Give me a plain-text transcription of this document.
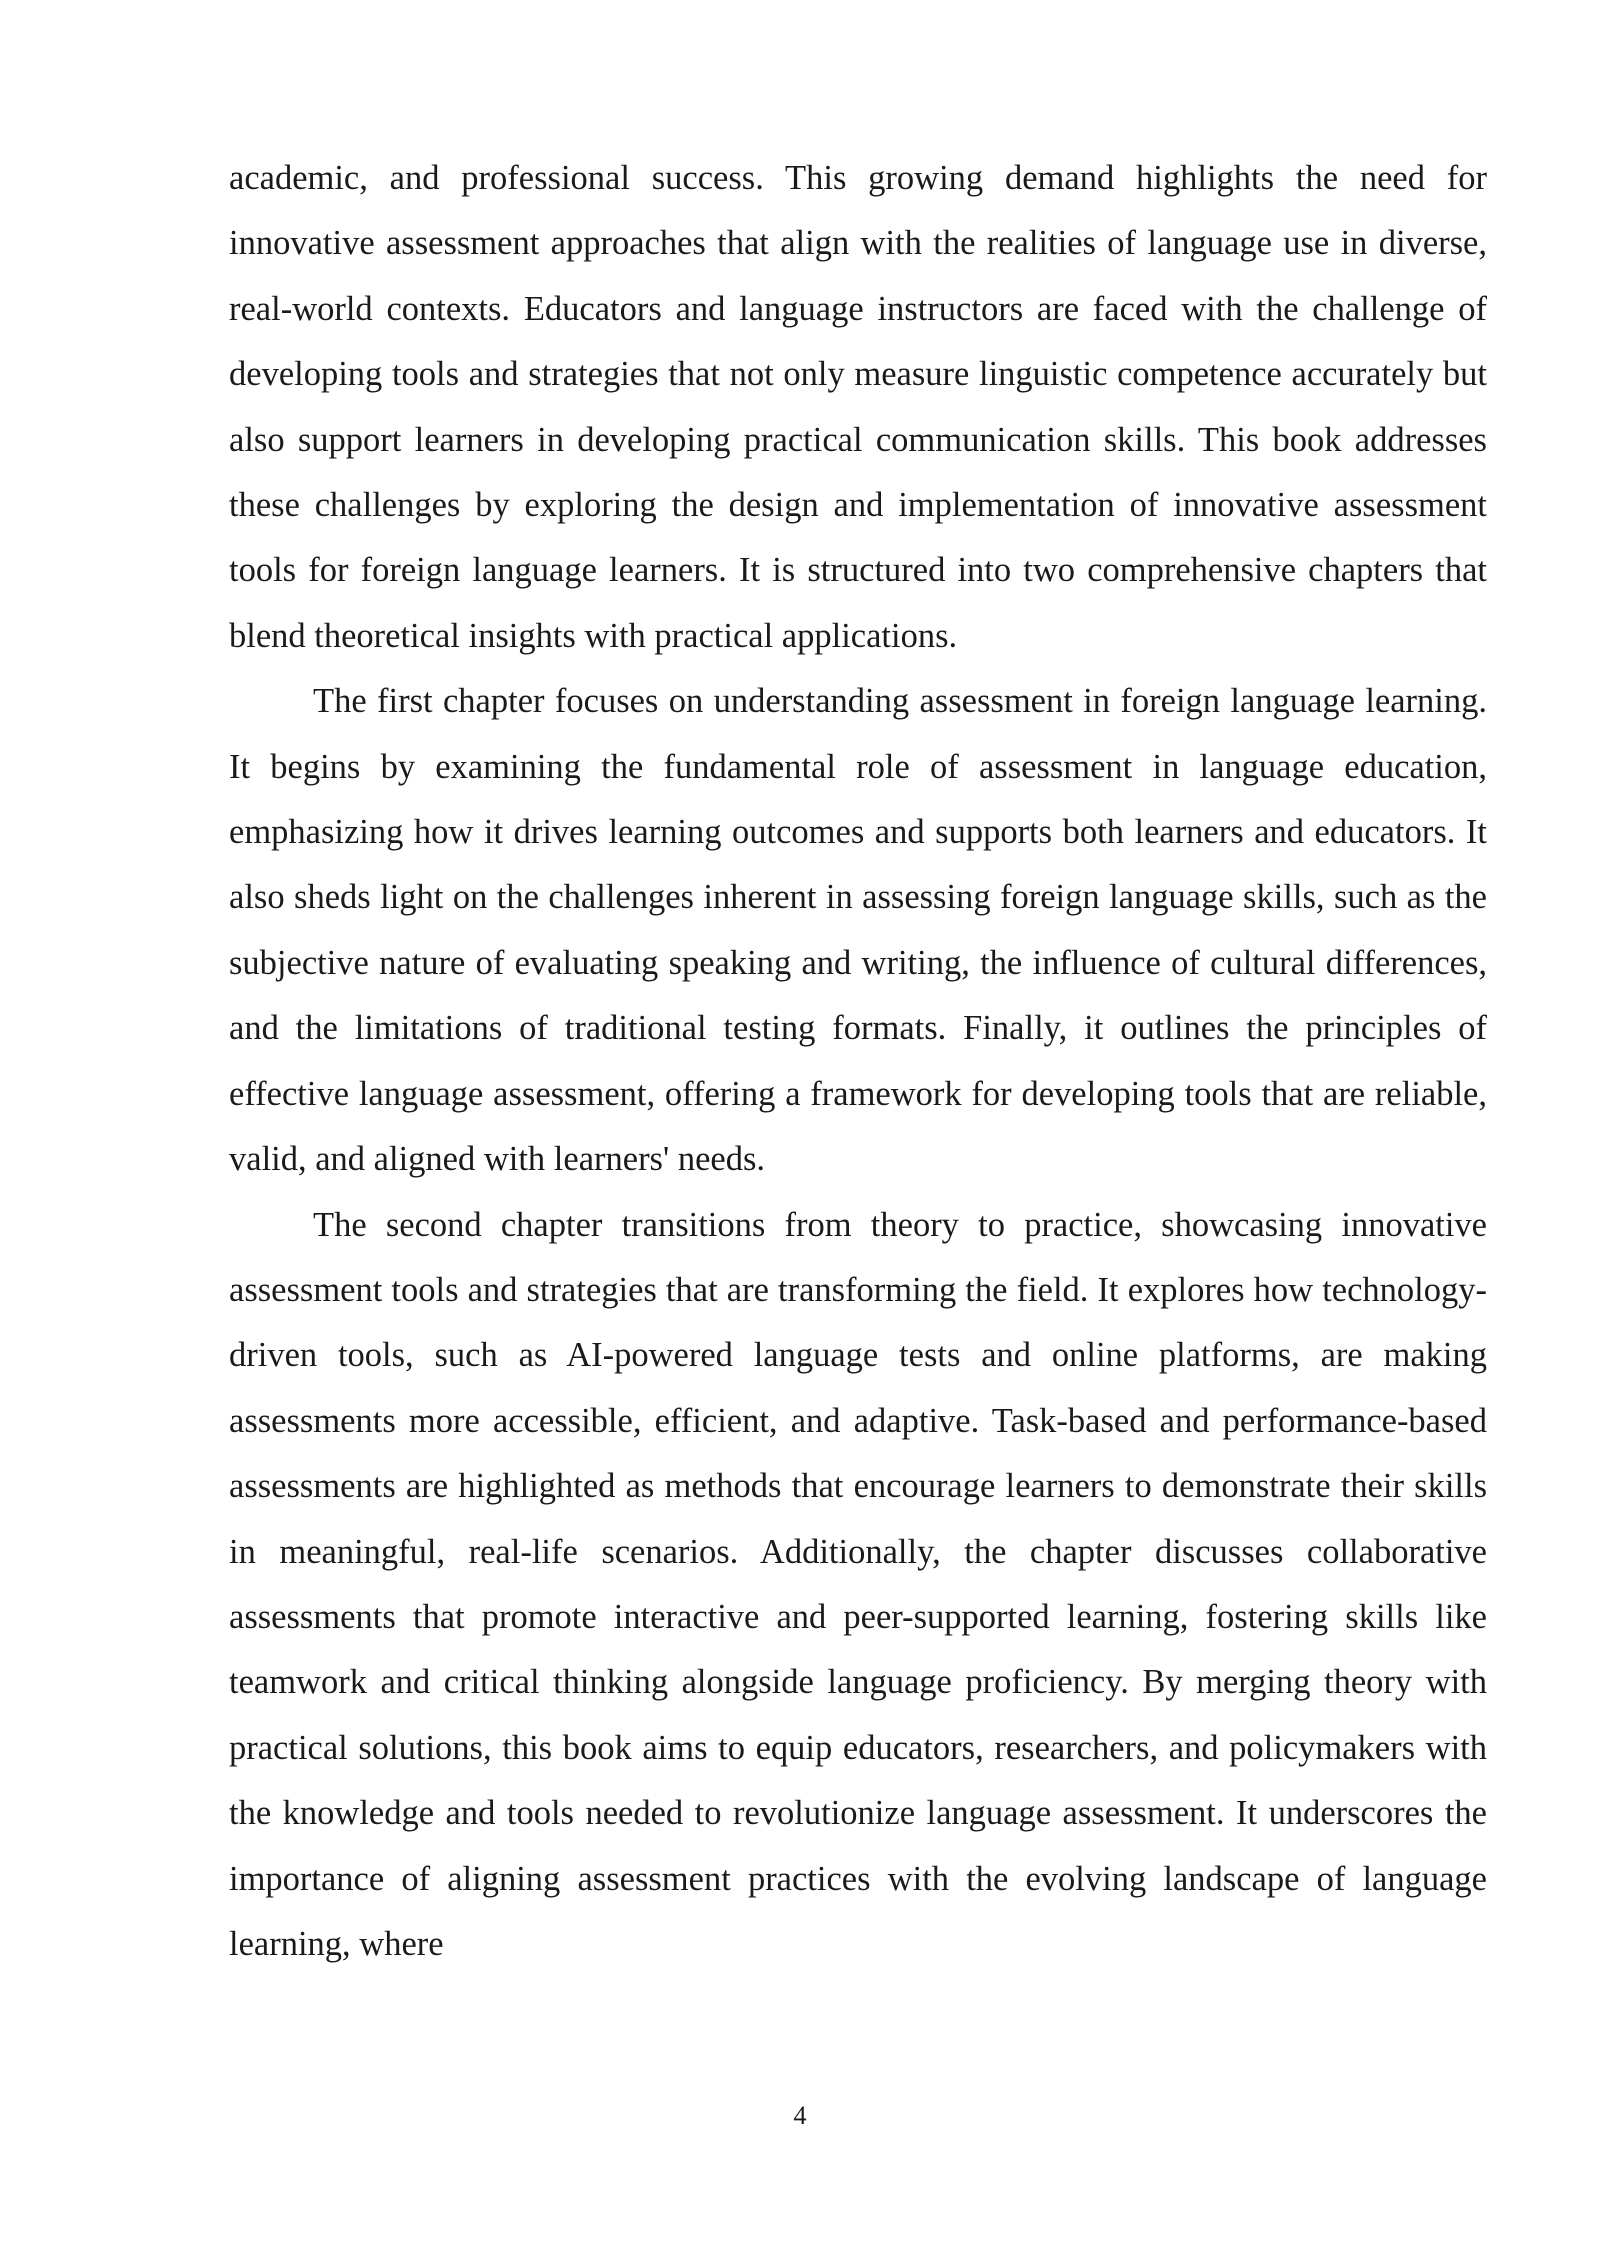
academic, and professional success. This growing demand highlights the need for innovative assessment approaches that align with the realities of language use in diverse, real-world contexts. Educators and language instructors are faced with the challenge of developing tools and strategies that not only measure linguistic competence accurately but also support learners in developing practical communication skills. This book addresses these challenges by exploring the design and implementation of innovative assessment tools for foreign language learners. It is structured into two comprehensive chapters that blend theoretical insights with practical applications.

The first chapter focuses on understanding assessment in foreign language learning. It begins by examining the fundamental role of assessment in language education, emphasizing how it drives learning outcomes and supports both learners and educators. It also sheds light on the challenges inherent in assessing foreign language skills, such as the subjective nature of evaluating speaking and writing, the influence of cultural differences, and the limitations of traditional testing formats. Finally, it outlines the principles of effective language assessment, offering a framework for developing tools that are reliable, valid, and aligned with learners' needs.

The second chapter transitions from theory to practice, showcasing innovative assessment tools and strategies that are transforming the field. It explores how technology-driven tools, such as AI-powered language tests and online platforms, are making assessments more accessible, efficient, and adaptive. Task-based and performance-based assessments are highlighted as methods that encourage learners to demonstrate their skills in meaningful, real-life scenarios. Additionally, the chapter discusses collaborative assessments that promote interactive and peer-supported learning, fostering skills like teamwork and critical thinking alongside language proficiency. By merging theory with practical solutions, this book aims to equip educators, researchers, and policymakers with the knowledge and tools needed to revolutionize language assessment. It underscores the importance of aligning assessment practices with the evolving landscape of language learning, where

4
